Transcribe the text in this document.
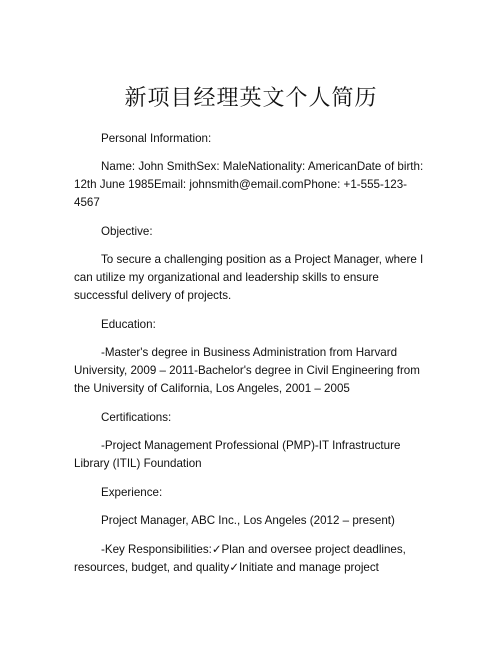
新项目经理英文个人简历

Personal Information:

Name: John SmithSex: MaleNationality: AmericanDate of birth: 12th June 1985Email: johnsmith@email.comPhone: +1-555-123-4567

Objective:

To secure a challenging position as a Project Manager, where I can utilize my organizational and leadership skills to ensure successful delivery of projects.

Education:

-Master's degree in Business Administration from Harvard University, 2009 – 2011-Bachelor's degree in Civil Engineering from the University of California, Los Angeles, 2001 – 2005

Certifications:

-Project Management Professional (PMP)-IT Infrastructure Library (ITIL) Foundation

Experience:

Project Manager, ABC Inc., Los Angeles (2012 – present)

-Key Responsibilities:✓Plan and oversee project deadlines, resources, budget, and quality✓Initiate and manage project
